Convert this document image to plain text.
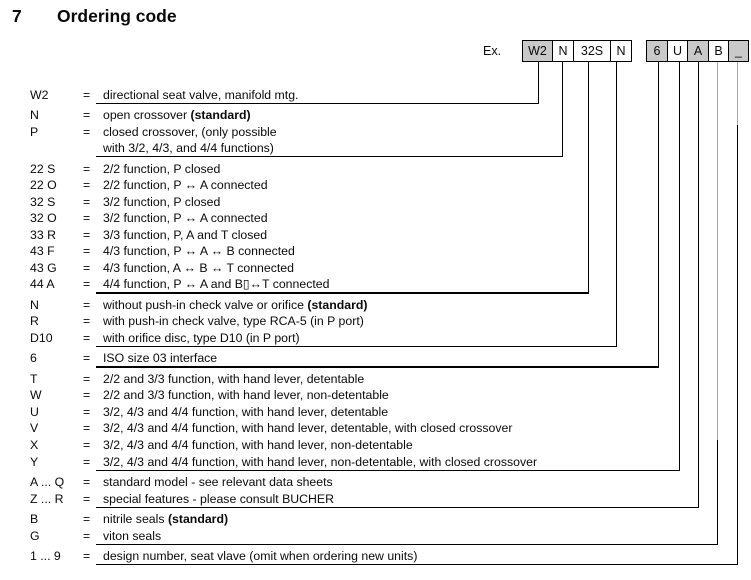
7 Ordering code
Ex.	W2 N	32S	N	6	U A B _
W2	= directional seat valve, manifold mtg.
N	= open crossover (standard)
P	= closed crossover, (only possible
with 3/2, 4/3, and 4/4 functions)
22 S = 2/2 function, P closed
22 O = 2/2 function, P ↔ A connected
32 S = 3/2 function, P closed
32 O = 3/2 function, P ↔ A connected
33 R = 3/3 function, P, A and T closed
43 F = 4/3 function, P ↔ A ↔ B connected
43 G = 4/3 function, A ↔ B ↔ T connected
44 A = 4/4 function, P ↔ A and B▯↔T connected
N	= without push-in check valve or orifice (standard)
R	= with push-in check valve, type RCA-5 (in P port)
D10 = with orifice disc, type D10 (in P port)
6	= ISO size 03 interface
T	= 2/2 and 3/3 function, with hand lever, detentable
W	= 2/2 and 3/3 function, with hand lever, non-detentable
U	= 3/2, 4/3 and 4/4 function, with hand lever, detentable
V	= 3/2, 4/3 and 4/4 function, with hand lever, detentable, with closed crossover
X	= 3/2, 4/3 and 4/4 function, with hand lever, non-detentable
Y	= 3/2, 4/3 and 4/4 function, with hand lever, non-detentable, with closed crossover
A ... Q = standard model - see relevant data sheets
Z ... R = special features - please consult BUCHER
B	= nitrile seals (standard)
G	= viton seals
1 ... 9 = design number, seat vlave (omit when ordering new units)
